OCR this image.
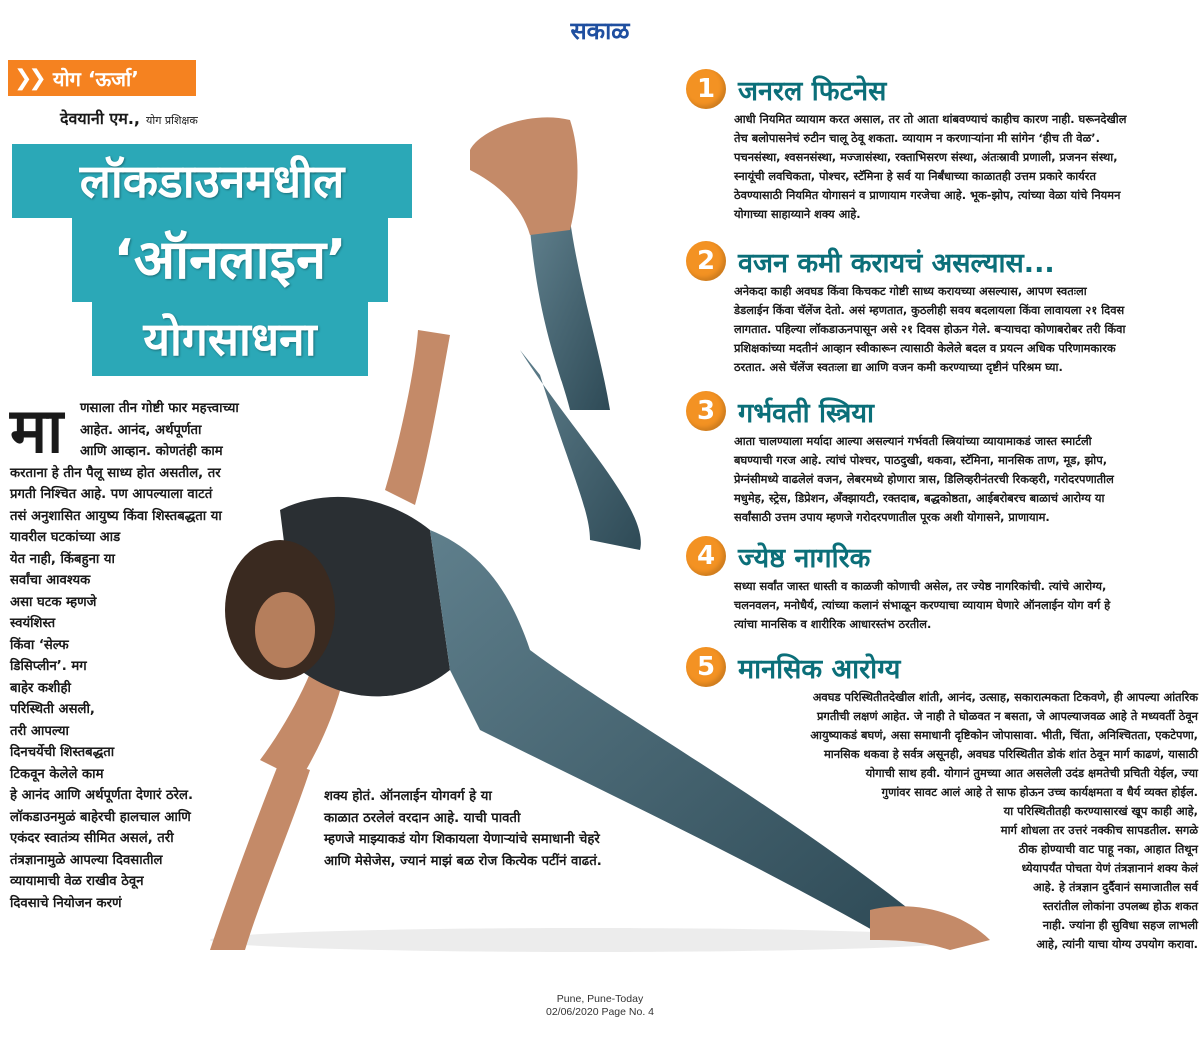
सकाळ
❯❯ योग ‘ऊर्जा’
देवयानी एम., योग प्रशिक्षक
लॉकडाउनमधील
‘ऑनलाइन’
योगसाधना
मा णसाला तीन गोष्टी फार महत्त्वाच्या
आहेत. आनंद, अर्थपूर्णता
आणि आव्हान. कोणतंही काम
करताना हे तीन पैलू साध्य होत असतील, तर
प्रगती निश्चित आहे. पण आपल्याला वाटतं
तसं अनुशासित आयुष्य किंवा शिस्तबद्धता या
यावरील घटकांच्या आड
येत नाही, किंबहुना या
सर्वांचा आवश्यक
असा घटक म्हणजे
स्वयंशिस्त
किंवा ‘सेल्फ
डिसिप्लीन’. मग
बाहेर कशीही
परिस्थिती असली,
तरी आपल्या
दिनचर्येची शिस्तबद्धता
टिकवून केलेले काम
हे आनंद आणि अर्थपूर्णता देणारं ठरेल.
लॉकडाउनमुळं बाहेरची हालचाल आणि
एकंदर स्वातंत्र्य सीमित असलं, तरी
तंत्रज्ञानामुळे आपल्या दिवसातील
व्यायामाची वेळ राखीव ठेवून
दिवसाचे नियोजन करणं
शक्य होतं. ऑनलाईन योगवर्ग हे या
काळात ठरलेलं वरदान आहे. याची पावती
म्हणजे माझ्याकडं योग शिकायला येणाऱ्यांचे समाधानी चेहरे
आणि मेसेजेस, ज्यानं माझं बळ रोज कित्येक पटींनं वाढतं.
1 जनरल फिटनेस
आधी नियमित व्यायाम करत असाल, तर तो आता थांबवण्याचं काहीच कारण नाही. घरूनदेखील
तेच बलोपासनेचं रुटीन चालू ठेवू शकता. व्यायाम न करणाऱ्यांना मी सांगेन ‘हीच ती वेळ’.
पचनसंस्था, श्वसनसंस्था, मज्जासंस्था, रक्ताभिसरण संस्था, अंतःस्रावी प्रणाली, प्रजनन संस्था,
स्नायूंची लवचिकता, पोश्चर, स्टॅमिना हे सर्व या निर्बंधाच्या काळातही उत्तम प्रकारे कार्यरत
ठेवण्यासाठी नियमित योगासनं व प्राणायाम गरजेचा आहे. भूक-झोप, त्यांच्या वेळा यांचे नियमन
योगाच्या साहाय्याने शक्य आहे.
2 वजन कमी करायचं असल्यास...
अनेकदा काही अवघड किंवा किचकट गोष्टी साध्य करायच्या असल्यास, आपण स्वतःला
डेडलाईन किंवा चॅलेंज देतो. असं म्हणतात, कुठलीही सवय बदलायला किंवा लावायला २१ दिवस
लागतात. पहिल्या लॉकडाऊनपासून असे २१ दिवस होऊन गेले. बऱ्याचदा कोणाबरोबर तरी किंवा
प्रशिक्षकांच्या मदतीनं आव्हान स्वीकारून त्यासाठी केलेले बदल व प्रयत्न अधिक परिणामकारक
ठरतात. असे चॅलेंज स्वतःला द्या आणि वजन कमी करण्याच्या दृष्टीनं परिश्रम घ्या.
3 गर्भवती स्त्रिया
आता चालण्याला मर्यादा आल्या असल्यानं गर्भवती स्त्रियांच्या व्यायामाकडं जास्त स्मार्टली
बघण्याची गरज आहे. त्यांचं पोश्चर, पाठदुखी, थकवा, स्टॅमिना, मानसिक ताण, मूड, झोप,
प्रेग्नंसीमध्ये वाढलेलं वजन, लेबरमध्ये होणारा त्रास, डिलिव्हरीनंतरची रिकव्हरी, गरोदरपणातील
मधुमेह, स्ट्रेस, डिप्रेशन, ॲंक्झायटी, रक्तदाब, बद्धकोष्ठता, आईबरोबरच बाळाचं आरोग्य या
सर्वांसाठी उत्तम उपाय म्हणजे गरोदरपणातील पूरक अशी योगासने, प्राणायाम.
4 ज्येष्ठ नागरिक
सध्या सर्वांत जास्त धास्ती व काळजी कोणाची असेल, तर ज्येष्ठ नागरिकांची. त्यांचे आरोग्य,
चलनवलन, मनोधैर्य, त्यांच्या कलानं संभाळून करण्याचा व्यायाम घेणारे ऑनलाईन योग वर्ग हे
त्यांचा मानसिक व शारीरिक आधारस्तंभ ठरतील.
5 मानसिक आरोग्य
अवघड परिस्थितीतदेखील शांती, आनंद, उत्साह, सकारात्मकता टिकवणे, ही आपल्या आंतरिक
प्रगतीची लक्षणं आहेत. जे नाही ते घोळवत न बसता, जे आपल्याजवळ आहे ते मध्यवर्ती ठेवून
आयुष्याकडं बघणं, असा समाधानी दृष्टिकोन जोपासावा. भीती, चिंता, अनिश्चितता, एकटेपणा,
मानसिक थकवा हे सर्वत्र असूनही, अवघड परिस्थितीत डोकं शांत ठेवून मार्ग काढणं, यासाठी
योगाची साथ हवी. योगानं तुमच्या आत असलेली उदंड क्षमतेची प्रचिती येईल, ज्या
गुणांवर सावट आलं आहे ते साफ होऊन उच्च कार्यक्षमता व धैर्य व्यक्त होईल.
या परिस्थितीतही करण्यासारखं खूप काही आहे,
मार्ग शोधला तर उत्तरं नक्कीच सापडतील. सगळे
ठीक होण्याची वाट पाहू नका, आहात तिथून
ध्येयापर्यंत पोचता येणं तंत्रज्ञानानं शक्य केलं
आहे. हे तंत्रज्ञान दुर्दैवानं समाजातील सर्व
स्तरांतील लोकांना उपलब्ध होऊ शकत
नाही. ज्यांना ही सुविधा सहज लाभली
आहे, त्यांनी याचा योग्य उपयोग करावा.
Pune, Pune-Today
02/06/2020 Page No. 4
